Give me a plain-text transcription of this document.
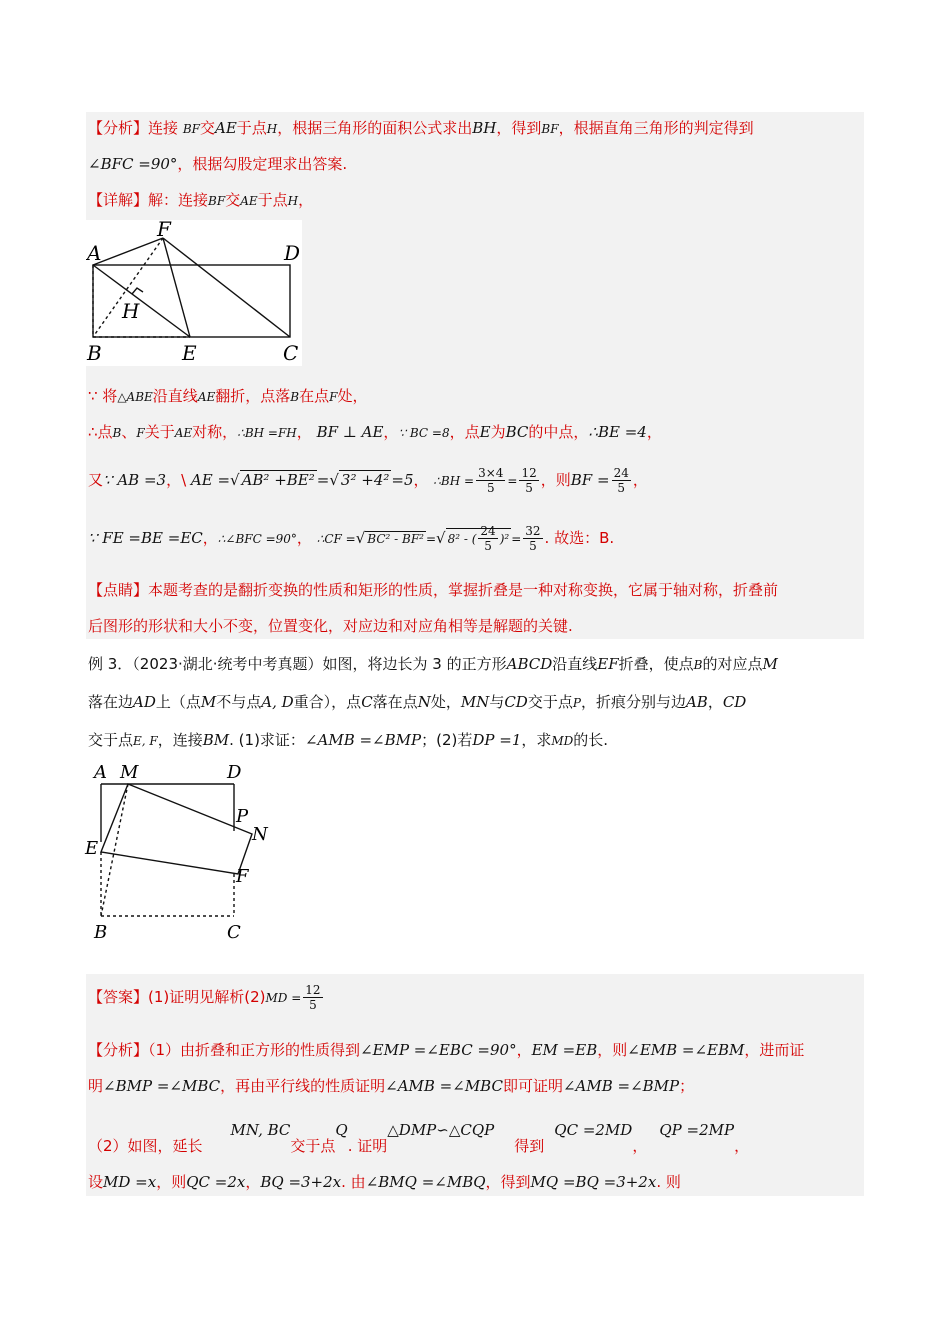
【分析】连接 BF交AE于点H，根据三角形的面积公式求出BH，得到BF，根据直角三角形的判定得到
∠BFC =90°，根据勾股定理求出答案.
【详解】解：连接BF交AE于点H，
A
F
D
H
B	E	C
∵ 将△ABE沿直线AE翻折，点落B在点F处，
∴点B、F关于AE对称，∴BH =FH， BF ⊥ AE，∵ BC =8，点E为BC的中点，∴BE =4，
又∵ AB =3，\ AE =√ AB² +BE² =√ 3² +4² =5， ∴BH = $\frac{3\times 4}{5} = \frac{12}{5}$ ，则BF = $\frac{24}{5}$ ，
∵ FE =BE =EC，∴∠BFC =90°， ∴CF =√ BC² - BF² =√ 8² - ( $\frac{24}{5} )^2 = \frac{32}{5}$ . 故选：B.
【点睛】本题考查的是翻折变换的性质和矩形的性质，掌握折叠是一种对称变换，它属于轴对称，折叠前
后图形的形状和大小不变，位置变化，对应边和对应角相等是解题的关键.
例 3．（2023·湖北·统考中考真题）如图，将边长为 3 的正方形ABCD沿直线EF折叠，使点B的对应点M
落在边AD上（点M不与点A, D重合），点C落在点N处，MN与CD交于点P，折痕分别与边AB，CD
交于点E, F，连接BM. (1)求证：∠AMB =∠BMP；(2)若DP =1，求MD的长.
A M	D
P
N
E
F
B	C
【答案】(1)证明见解析$(2)MD = \frac{12}{5}$
【分析】（1）由折叠和正方形的性质得到∠EMP =∠EBC =90°，EM =EB，则∠EMB =∠EBM，进而证
明∠BMP =∠MBC，再由平行线的性质证明∠AMB =∠MBC即可证明∠AMB =∠BMP；
（2）如图，延长MN, BC交于点Q. 证明△DMP∽△CQP得到QC =2MD，QP =2MP，
设MD =x，则QC =2x，BQ =3+2x. 由∠BMQ =∠MBQ，得到MQ =BQ =3+2x. 则
